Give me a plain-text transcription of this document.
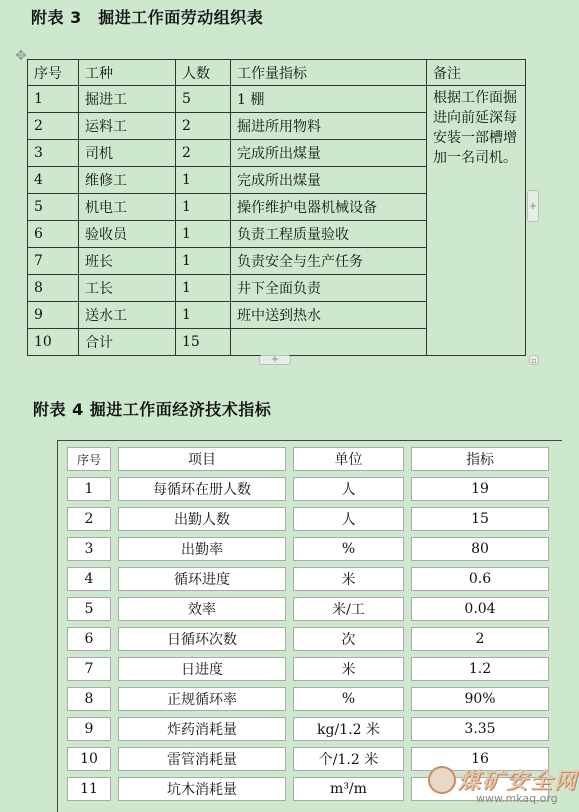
附表 3　掘进工作面劳动组织表
✥
序号	工种	人数	工作量指标	备注
1	掘进工	5	1 棚	根据工作面掘进向前延深每安装一部槽增加一名司机。
2	运料工	2	掘进所用物料	
3	司机	2	完成所出煤量	
4	维修工	1	完成所出煤量	
5	机电工	1	操作维护电器机械设备	
6	验收员	1	负责工程质量验收	
7	班长	1	负责安全与生产任务	
8	工长	1	井下全面负责	
9	送水工	1	班中送到热水	
10	合计	15		
+
+	▫
附表 4 掘进工作面经济技术指标
序号	项目	单位	指标
1	每循环在册人数	人	19
2	出勤人数	人	15
3	出勤率	%	80
4	循环进度	米	0.6
5	效率	米/工	0.04
6	日循环次数	次	2
7	日进度	米	1.2
8	正规循环率	%	90%
9	炸药消耗量	kg/1.2 米	3.35
10	雷管消耗量	个/1.2 米	16
11	坑木消耗量	m³/m		煤矿安全网
www.mkaq.org
